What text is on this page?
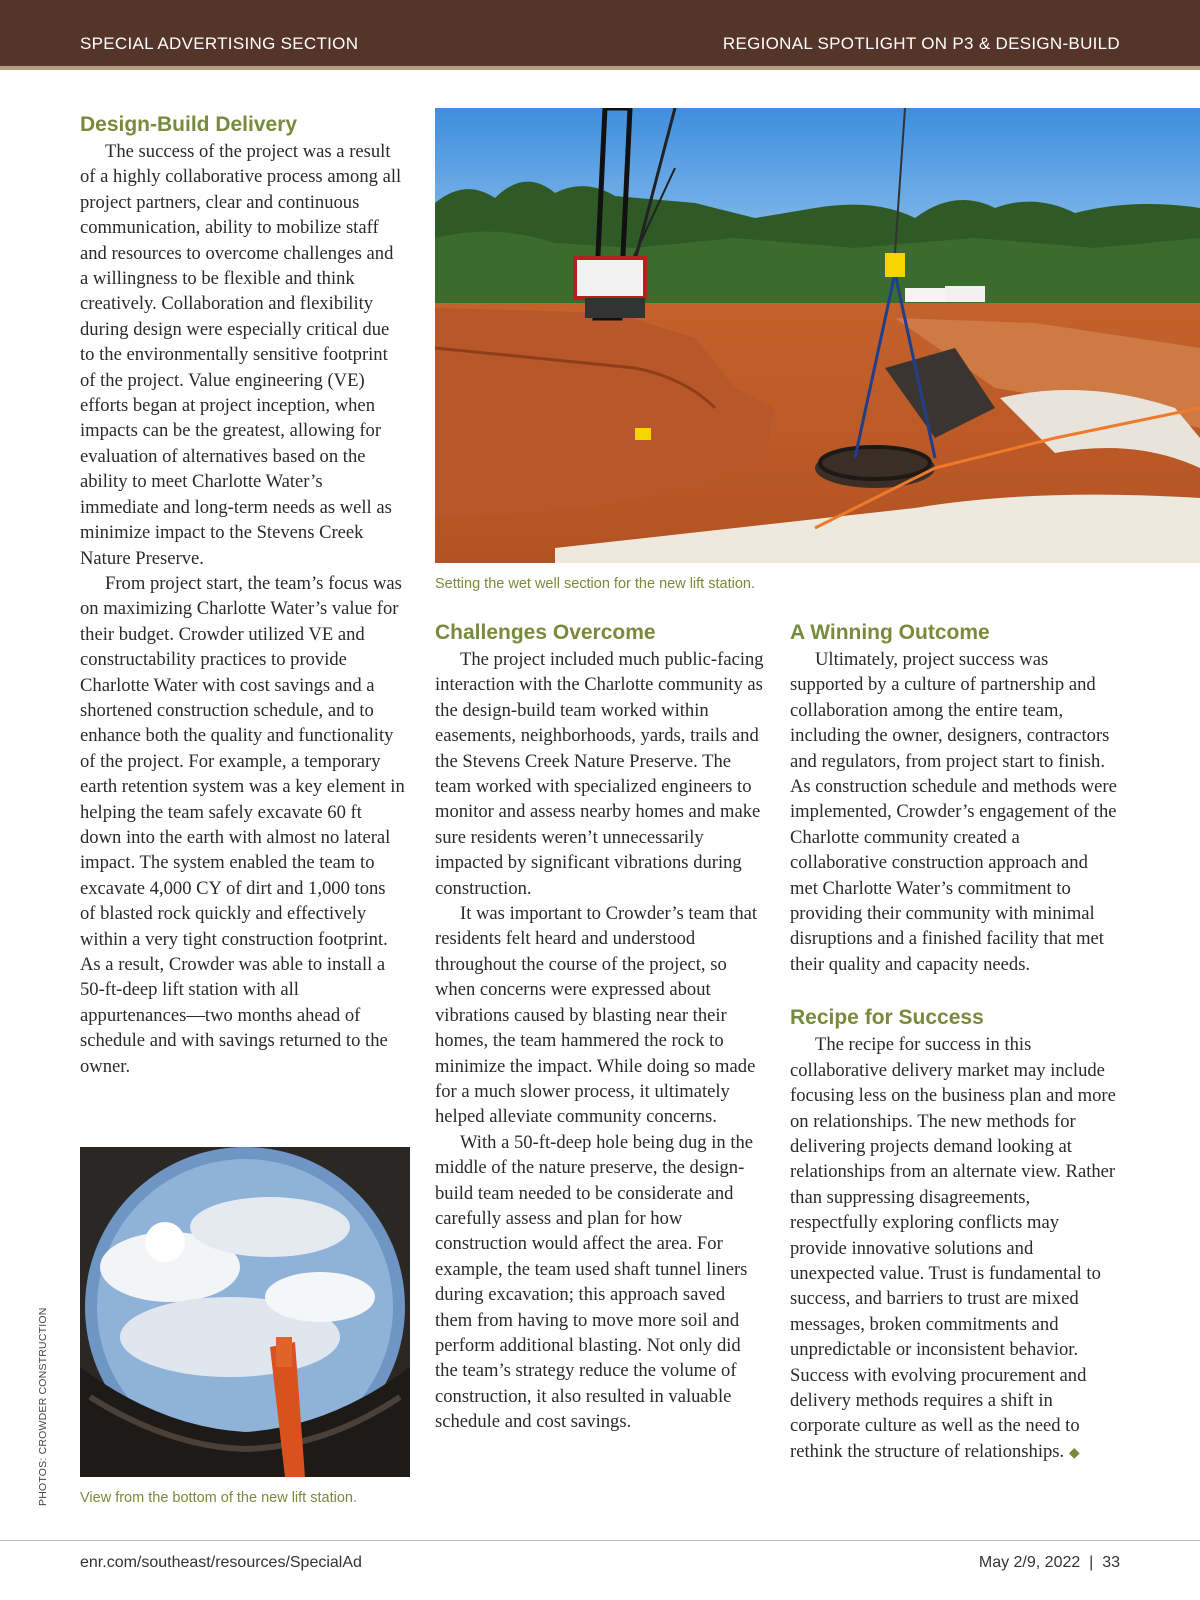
SPECIAL ADVERTISING SECTION	REGIONAL SPOTLIGHT ON P3 & DESIGN-BUILD
Design-Build Delivery

The success of the project was a result of a highly collaborative process among all project partners, clear and continuous communication, ability to mobilize staff and resources to overcome challenges and a willingness to be flexible and think creatively. Collaboration and flexibility during design were especially critical due to the environmentally sensitive footprint of the project. Value engineering (VE) efforts began at project inception, when impacts can be the greatest, allowing for evaluation of alternatives based on the ability to meet Charlotte Water’s immediate and long-term needs as well as minimize impact to the Stevens Creek Nature Preserve.

From project start, the team’s focus was on maximizing Charlotte Water’s value for their budget. Crowder utilized VE and constructability practices to provide Charlotte Water with cost savings and a shortened construction schedule, and to enhance both the quality and functionality of the project. For example, a temporary earth retention system was a key element in helping the team safely excavate 60 ft down into the earth with almost no lateral impact. The system enabled the team to excavate 4,000 CY of dirt and 1,000 tons of blasted rock quickly and effectively within a very tight construction footprint. As a result, Crowder was able to install a 50-ft-deep lift station with all appurtenances—two months ahead of schedule and with savings returned to the owner.

Setting the wet well section for the new lift station.
View from the bottom of the new lift station.
PHOTOS: CROWDER CONSTRUCTION
Challenges Overcome

The project included much public-facing interaction with the Charlotte community as the design-build team worked within easements, neighborhoods, yards, trails and the Stevens Creek Nature Preserve. The team worked with specialized engineers to monitor and assess nearby homes and make sure residents weren’t unnecessarily impacted by significant vibrations during construction.

It was important to Crowder’s team that residents felt heard and understood throughout the course of the project, so when concerns were expressed about vibrations caused by blasting near their homes, the team hammered the rock to minimize the impact. While doing so made for a much slower process, it ultimately helped alleviate community concerns.

With a 50-ft-deep hole being dug in the middle of the nature preserve, the design-build team needed to be considerate and carefully assess and plan for how construction would affect the area. For example, the team used shaft tunnel liners during excavation; this approach saved them from having to move more soil and perform additional blasting. Not only did the team’s strategy reduce the volume of construction, it also resulted in valuable schedule and cost savings.

A Winning Outcome

Ultimately, project success was supported by a culture of partnership and collaboration among the entire team, including the owner, designers, contractors and regulators, from project start to finish. As construction schedule and methods were implemented, Crowder’s engagement of the Charlotte community created a collaborative construction approach and met Charlotte Water’s commitment to providing their community with minimal disruptions and a finished facility that met their quality and capacity needs.

Recipe for Success

The recipe for success in this collaborative delivery market may include focusing less on the business plan and more on relationships. The new methods for delivering projects demand looking at relationships from an alternate view. Rather than suppressing disagreements, respectfully exploring conflicts may provide innovative solutions and unexpected value. Trust is fundamental to success, and barriers to trust are mixed messages, broken commitments and unpredictable or inconsistent behavior. Success with evolving procurement and delivery methods requires a shift in corporate culture as well as the need to rethink the structure of relationships. ◆

enr.com/southeast/resources/SpecialAd	May 2/9, 2022  |  33
